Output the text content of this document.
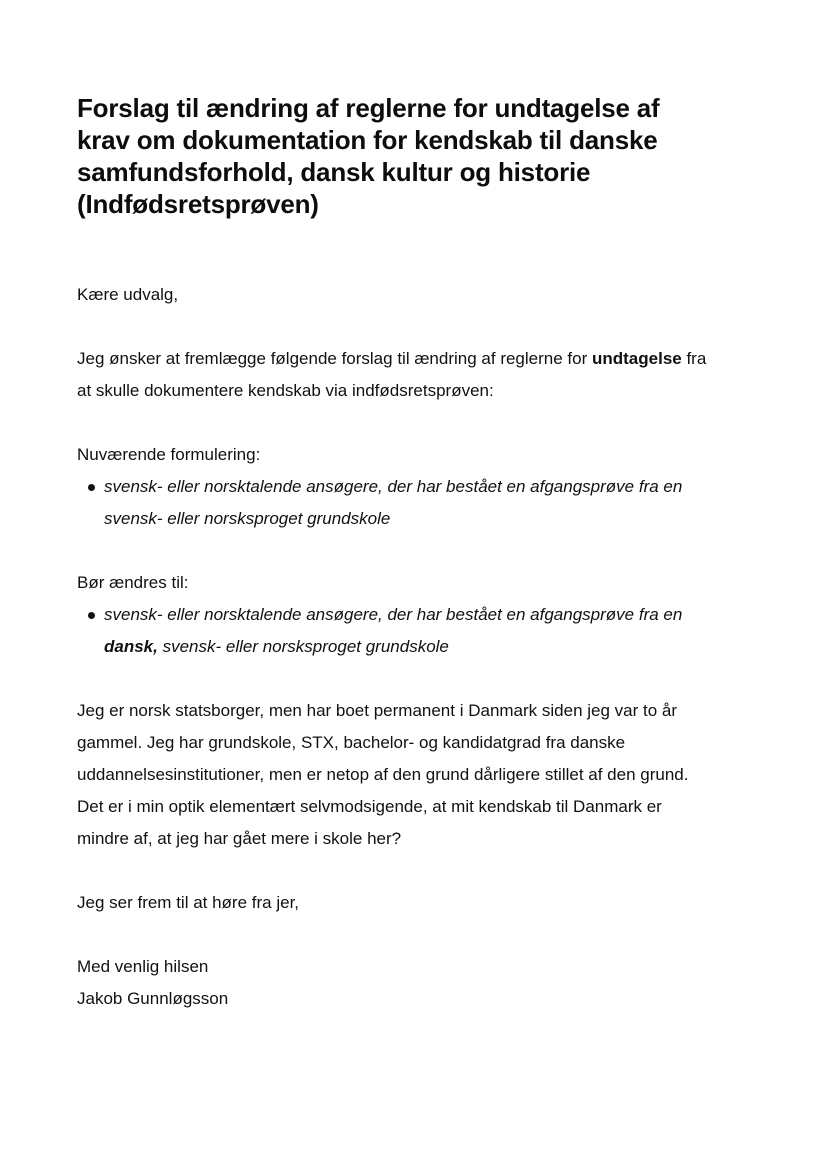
Forslag til ændring af reglerne for undtagelse af krav om dokumentation for kendskab til danske samfundsforhold, dansk kultur og historie (Indfødsretsprøven)

Kære udvalg,

Jeg ønsker at fremlægge følgende forslag til ændring af reglerne for undtagelse fra at skulle dokumentere kendskab via indfødsretsprøven:

Nuværende formulering:

svensk- eller norsktalende ansøgere, der har bestået en afgangsprøve fra en svensk- eller norsksproget grundskole

Bør ændres til:

svensk- eller norsktalende ansøgere, der har bestået en afgangsprøve fra en dansk, svensk- eller norsksproget grundskole

Jeg er norsk statsborger, men har boet permanent i Danmark siden jeg var to år gammel. Jeg har grundskole, STX, bachelor- og kandidatgrad fra danske uddannelsesinstitutioner, men er netop af den grund dårligere stillet af den grund. Det er i min optik elementært selvmodsigende, at mit kendskab til Danmark er mindre af, at jeg har gået mere i skole her?

Jeg ser frem til at høre fra jer,

Med venlig hilsen

Jakob Gunnløgsson
